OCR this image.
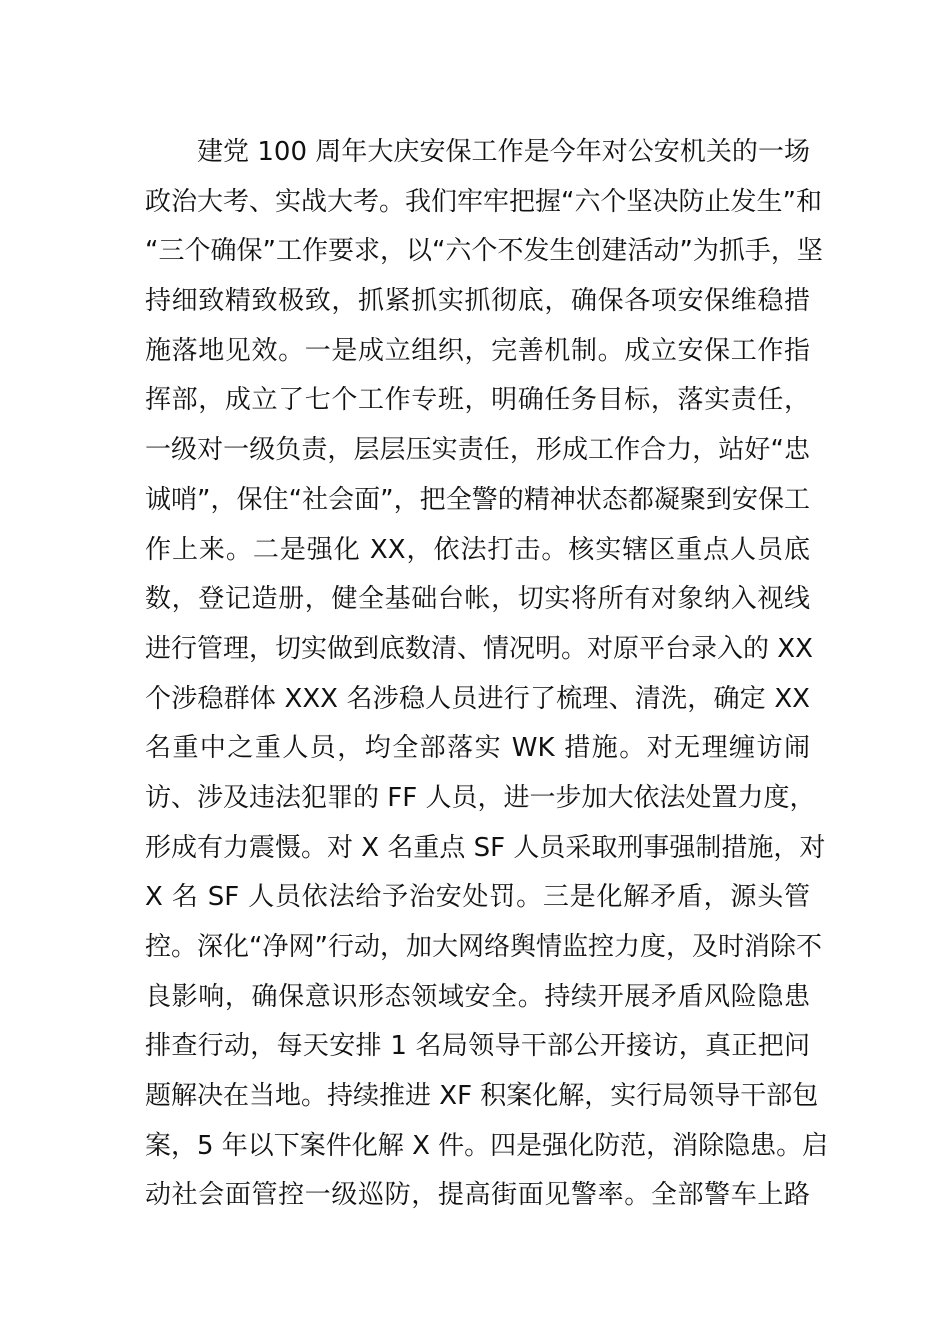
建党 100 周年大庆安保工作是今年对公安机关的一场
政治大考、实战大考。我们牢牢把握“六个坚决防止发生”和
“三个确保”工作要求，以“六个不发生创建活动”为抓手，坚
持细致精致极致，抓紧抓实抓彻底，确保各项安保维稳措
施落地见效。一是成立组织，完善机制。成立安保工作指
挥部，成立了七个工作专班，明确任务目标，落实责任，
一级对一级负责，层层压实责任，形成工作合力，站好“忠
诚哨”，保住“社会面”，把全警的精神状态都凝聚到安保工
作上来。二是强化 XX，依法打击。核实辖区重点人员底
数，登记造册，健全基础台帐，切实将所有对象纳入视线
进行管理，切实做到底数清、情况明。对原平台录入的 XX
个涉稳群体 XXX 名涉稳人员进行了梳理、清洗，确定 XX
名重中之重人员，均全部落实 WK 措施。对无理缠访闹
访、涉及违法犯罪的 FF 人员，进一步加大依法处置力度，
形成有力震慑。对 X 名重点 SF 人员采取刑事强制措施，对
X 名 SF 人员依法给予治安处罚。三是化解矛盾，源头管
控。深化“净网”行动，加大网络舆情监控力度，及时消除不
良影响，确保意识形态领域安全。持续开展矛盾风险隐患
排查行动，每天安排 1 名局领导干部公开接访，真正把问
题解决在当地。持续推进 XF 积案化解，实行局领导干部包
案，5 年以下案件化解 X 件。四是强化防范，消除隐患。启
动社会面管控一级巡防，提高街面见警率。全部警车上路
